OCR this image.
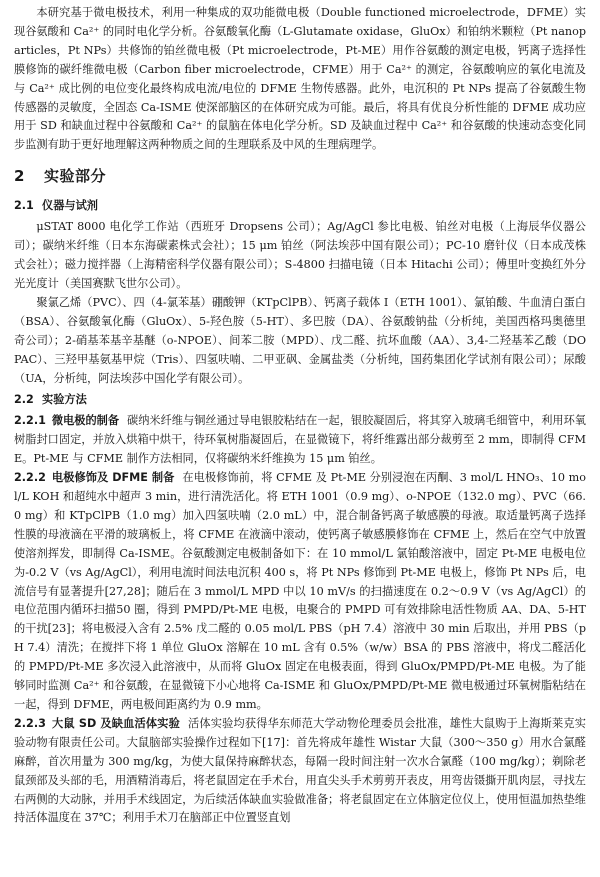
本研究基于微电极技术，利用一种集成的双功能微电极（Double functioned microelectrode，DFME）实现谷氨酸和 Ca²⁺ 的同时电化学分析。谷氨酸氧化酶（L-Glutamate oxidase，GluOx）和铂纳米颗粒（Pt nanoparticles，Pt NPs）共修饰的铂丝微电极（Pt microelectrode，Pt-ME）用作谷氨酸的测定电极，钙离子选择性膜修饰的碳纤维微电极（Carbon fiber microelectrode，CFME）用于 Ca²⁺ 的测定，谷氨酸响应的氧化电流及与 Ca²⁺ 成比例的电位变化最终构成电流/电位的 DFME 生物传感器。此外，电沉积的 Pt NPs 提高了谷氨酸生物传感器的灵敏度，全固态 Ca-ISME 使深部脑区的在体研究成为可能。最后，将具有优良分析性能的 DFME 成功应用于 SD 和缺血过程中谷氨酸和 Ca²⁺ 的鼠脑在体电化学分析。SD 及缺血过程中 Ca²⁺ 和谷氨酸的快速动态变化同步监测有助于更好地理解这两种物质之间的生理联系及中风的生理病理学。

2 实验部分
2.1 仪器与试剂

μSTAT 8000 电化学工作站（西班牙 Dropsens 公司）；Ag/AgCl 参比电极、铂丝对电极（上海辰华仪器公司）；碳纳米纤维（日本东海碳素株式会社）；15 μm 铂丝（阿法埃莎中国有限公司）；PC-10 磨针仪（日本成茂株式会社）；磁力搅拌器（上海精密科学仪器有限公司）；S-4800 扫描电镜（日本 Hitachi 公司）；傅里叶变换红外分光光度计（美国赛默飞世尔公司）。

聚氯乙烯（PVC）、四（4-氯苯基）硼酸钾（KTpClPB）、钙离子载体 I（ETH 1001）、氯铂酸、牛血清白蛋白（BSA）、谷氨酸氧化酶（GluOx）、5-羟色胺（5-HT）、多巴胺（DA）、谷氨酸钠盐（分析纯，美国西格玛奥德里奇公司）；2-硝基苯基辛基醚（o-NPOE）、间苯二胺（MPD）、戊二醛、抗坏血酸（AA）、3,4-二羟基苯乙酸（DOPAC）、三羟甲基氨基甲烷（Tris）、四氢呋喃、二甲亚砜、金属盐类（分析纯，国药集团化学试剂有限公司）；尿酸（UA，分析纯，阿法埃莎中国化学有限公司）。

2.2 实验方法

2.2.1 微电极的制备 碳纳米纤维与铜丝通过导电银胶粘结在一起，银胶凝固后，将其穿入玻璃毛细管中，利用环氧树脂封口固定，并放入烘箱中烘干，待环氧树脂凝固后，在显微镜下，将纤维露出部分裁剪至 2 mm，即制得 CFME。Pt-ME 与 CFME 制作方法相同，仅将碳纳米纤维换为 15 μm 铂丝。

2.2.2 电极修饰及 DFME 制备 在电极修饰前，将 CFME 及 Pt-ME 分别浸泡在丙酮、3 mol/L HNO₃、10 mol/L KOH 和超纯水中超声 3 min，进行清洗活化。将 ETH 1001（0.9 mg）、o-NPOE（132.0 mg）、PVC（66.0 mg）和 KTpClPB（1.0 mg）加入四氢呋喃（2.0 mL）中，混合制备钙离子敏感膜的母液。取适量钙离子选择性膜的母液滴在平滑的玻璃板上，将 CFME 在液滴中滚动，使钙离子敏感膜修饰在 CFME 上，然后在空气中放置使溶剂挥发，即制得 Ca-ISME。谷氨酸测定电极制备如下：在 10 mmol/L 氯铂酸溶液中，固定 Pt-ME 电极电位为-0.2 V（vs Ag/AgCl），利用电流时间法电沉积 400 s，将 Pt NPs 修饰到 Pt-ME 电极上，修饰 Pt NPs 后，电流信号有显著提升[27,28]；随后在 3 mmol/L MPD 中以 10 mV/s 的扫描速度在 0.2～0.9 V（vs Ag/AgCl）的电位范围内循环扫描50 圈，得到 PMPD/Pt-ME 电极，电聚合的 PMPD 可有效排除电活性物质 AA、DA、5-HT 的干扰[23]；将电极浸入含有 2.5% 戊二醛的 0.05 mol/L PBS（pH 7.4）溶液中 30 min 后取出，并用 PBS（pH 7.4）清洗；在搅拌下将 1 单位 GluOx 溶解在 10 mL 含有 0.5%（w/w）BSA 的 PBS 溶液中，将戊二醛活化的 PMPD/Pt-ME 多次浸入此溶液中，从而将 GluOx 固定在电极表面，得到 GluOx/PMPD/Pt-ME 电极。为了能够同时监测 Ca²⁺ 和谷氨酸，在显微镜下小心地将 Ca-ISME 和 GluOx/PMPD/Pt-ME 微电极通过环氧树脂粘结在一起，得到 DFME，两电极间距离约为 0.9 mm。

2.2.3 大鼠 SD 及缺血活体实验 活体实验均获得华东师范大学动物伦理委员会批准，雄性大鼠购于上海斯莱克实验动物有限责任公司。大鼠脑部实验操作过程如下[17]：首先将成年雄性 Wistar 大鼠（300～350 g）用水合氯醛麻醉，首次用量为 300 mg/kg，为使大鼠保持麻醉状态，每隔一段时间注射一次水合氯醛（100 mg/kg）；剃除老鼠颈部及头部的毛，用酒精消毒后，将老鼠固定在手术台，用直尖头手术剪剪开表皮，用弯齿镊撕开肌肉层，寻找左右两侧的大动脉，并用手术线固定，为后续活体缺血实验做准备；将老鼠固定在立体脑定位仪上，使用恒温加热垫维持活体温度在 37℃；利用手术刀在脑部正中位置竖直划
